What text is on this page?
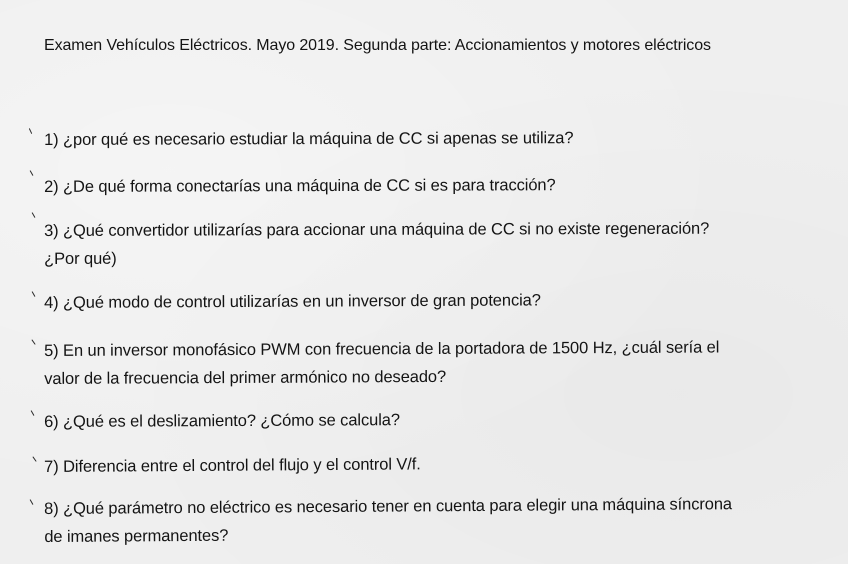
Examen Vehículos Eléctricos. Mayo 2019. Segunda parte: Accionamientos y motores eléctricos
1) ¿por qué es necesario estudiar la máquina de CC si apenas se utiliza?
2) ¿De qué forma conectarías una máquina de CC si es para tracción?
3) ¿Qué convertidor utilizarías para accionar una máquina de CC si no existe regeneración?
¿Por qué)
4) ¿Qué modo de control utilizarías en un inversor de gran potencia?
5) En un inversor monofásico PWM con frecuencia de la portadora de 1500 Hz, ¿cuál sería el
valor de la frecuencia del primer armónico no deseado?
6) ¿Qué es el deslizamiento? ¿Cómo se calcula?
7) Diferencia entre el control del flujo y el control V/f.
8) ¿Qué parámetro no eléctrico es necesario tener en cuenta para elegir una máquina síncrona
de imanes permanentes?
